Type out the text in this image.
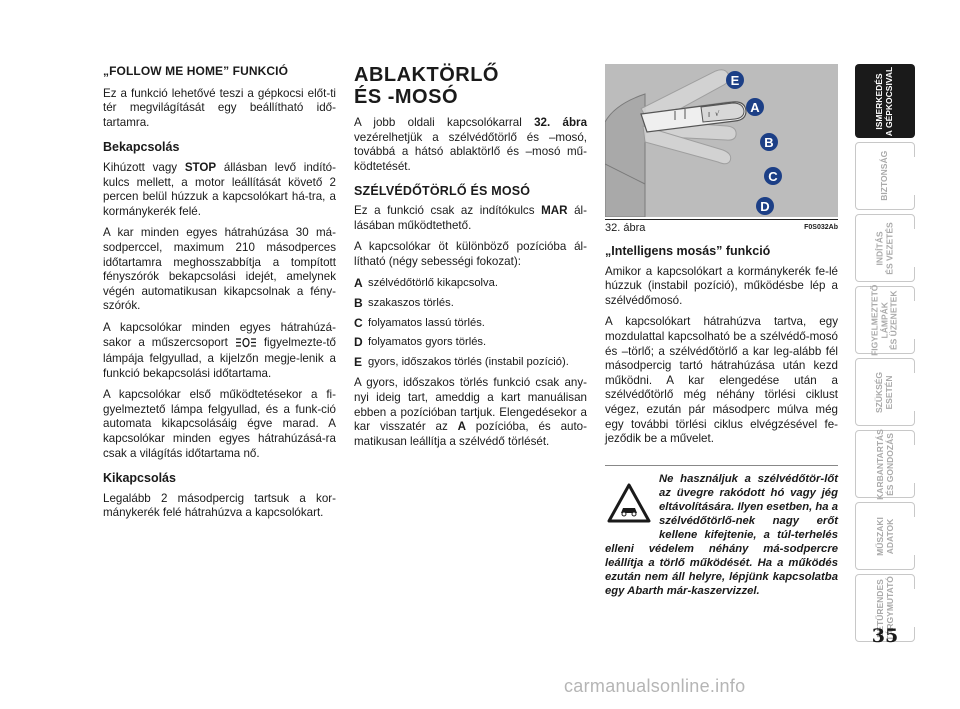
„FOLLOW ME HOME” FUNKCIÓ

Ez a funkció lehetővé teszi a gépkocsi előt-ti tér megvilágítását egy beállítható idő-tartamra.

Bekapcsolás

Kihúzott vagy STOP állásban levő indító-kulcs mellett, a motor leállítását követő 2 percen belül húzzuk a kapcsolókart há-tra, a kormánykerék felé.

A kar minden egyes hátrahúzása 30 má-sodperccel, maximum 210 másodperces időtartamra meghosszabbítja a tompított fényszórók bekapcsolási idejét, amelynek végén automatikusan kikapcsolnak a fény-szórók.

A kapcsolókar minden egyes hátrahúzá-sakor a műszercsoport  figyelmezte-tő lámpája felgyullad, a kijelzőn megje-lenik a funkció bekapcsolási időtartama.

A kapcsolókar első működtetésekor a fi-gyelmeztető lámpa felgyullad, és a funk-ció automata kikapcsolásáig égve marad. A kapcsolókar minden egyes hátrahúzásá-ra csak a világítás időtartama nő.

Kikapcsolás

Legalább 2 másodpercig tartsuk a kor-mánykerék felé hátrahúzva a kapcsolókart.

ABLAKTÖRLŐ
ÉS -MOSÓ

A jobb oldali kapcsolókarral 32. ábra vezérelhetjük a szélvédőtörlő és –mosó, továbbá a hátsó ablaktörlő és –mosó mű-ködtetését.

SZÉLVÉDŐTÖRLŐ ÉS MOSÓ

Ez a funkció csak az indítókulcs MAR ál-lásában működtethető.

A kapcsolókar öt különböző pozícióba ál-lítható (négy sebességi fokozat):

A szélvédőtörlő kikapcsolva.
B szakaszos törlés.
C folyamatos lassú törlés.
D folyamatos gyors törlés.
E gyors, időszakos törlés (instabil pozíció).

A gyors, időszakos törlés funkció csak any-nyi ideig tart, ameddig a kart manuálisan ebben a pozícióban tartjuk. Elengedésekor a kar visszatér az A pozícióba, és auto-matikusan leállítja a szélvédő törlését.

I √
E
A
B
C
D
32. ábra	F0S032Ab
„Intelligens mosás” funkció

Amikor a kapcsolókart a kormánykerék fe-lé húzzuk (instabil pozíció), működésbe lép a szélvédőmosó.

A kapcsolókart hátrahúzva tartva, egy mozdulattal kapcsolható be a szélvédő-mosó és –törlő; a szélvédőtörlő a kar leg-alább fél másodpercig tartó hátrahúzása után kezd működni. A kar elengedése után a szélvédőtörlő még néhány törlési ciklust végez, ezután pár másodperc múlva még egy további törlési ciklus elvégzésével fe-jeződik be a művelet.

Ne használjuk a szélvédőtör-lőt az üvegre rakódott hó vagy jég eltávolítására. Ilyen esetben, ha a szélvédőtörlő-nek nagy erőt kellene kifejtenie, a túl-terhelés elleni védelem néhány má-sodpercre leállítja a törlő működését. Ha a működés ezután nem áll helyre, lépjünk kapcsolatba egy Abarth már-kaszervizzel.

ISMERKEDÉS A GÉPKOCSIVAL
BIZTONSÁG
INDÍTÁS ÉS VEZETÉS
FIGYELMEZTETŐ LÁMPÁK ÉS ÜZENETEK
SZÜKSÉG ESETÉN
KARBANTARTÁS ÉS GONDOZÁS
MŰSZAKI ADATOK
BETŰRENDES TÁRGYMUTATÓ
35
carmanualsonline.info
